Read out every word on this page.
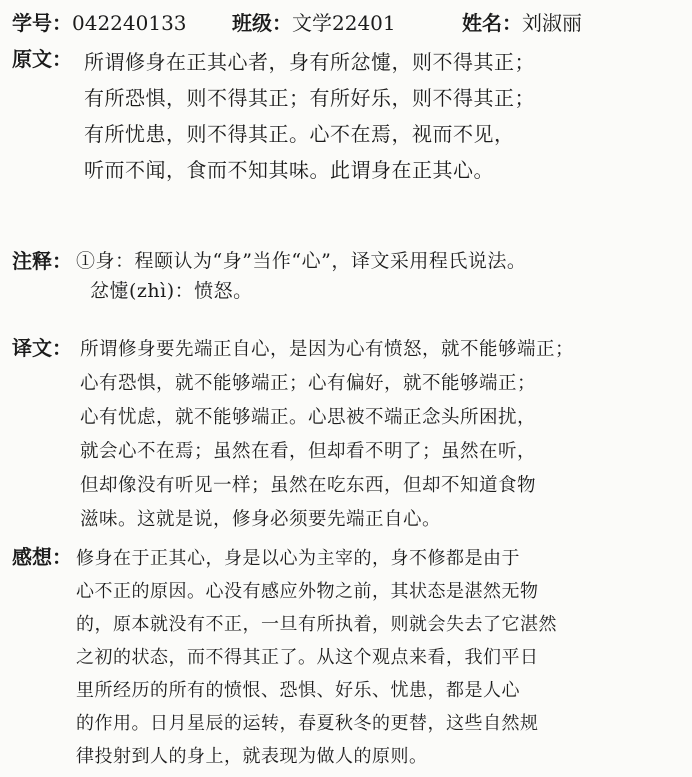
学号：042240133 班级：文学22401	姓名：刘淑丽
原文： 所谓修身在正其心者，身有所忿懥，则不得其正；
有所恐惧，则不得其正；有所好乐，则不得其正；
有所忧患，则不得其正。心不在焉，视而不见，
听而不闻，食而不知其味。此谓身在正其心。
注释： ①身：程颐认为“身”当作“心”，译文采用程氏说法。
忿懥(zhì)：愤怒。
译文： 所谓修身要先端正自心，是因为心有愤怒，就不能够端正；
心有恐惧，就不能够端正；心有偏好，就不能够端正；
心有忧虑，就不能够端正。心思被不端正念头所困扰，
就会心不在焉；虽然在看，但却看不明了；虽然在听，
但却像没有听见一样；虽然在吃东西，但却不知道食物
滋味。这就是说，修身必须要先端正自心。
感想： 修身在于正其心，身是以心为主宰的，身不修都是由于
心不正的原因。心没有感应外物之前，其状态是湛然无物
的，原本就没有不正，一旦有所执着，则就会失去了它湛然
之初的状态，而不得其正了。从这个观点来看，我们平日
里所经历的所有的愤恨、恐惧、好乐、忧患，都是人心
的作用。日月星辰的运转，春夏秋冬的更替，这些自然规
律投射到人的身上，就表现为做人的原则。
